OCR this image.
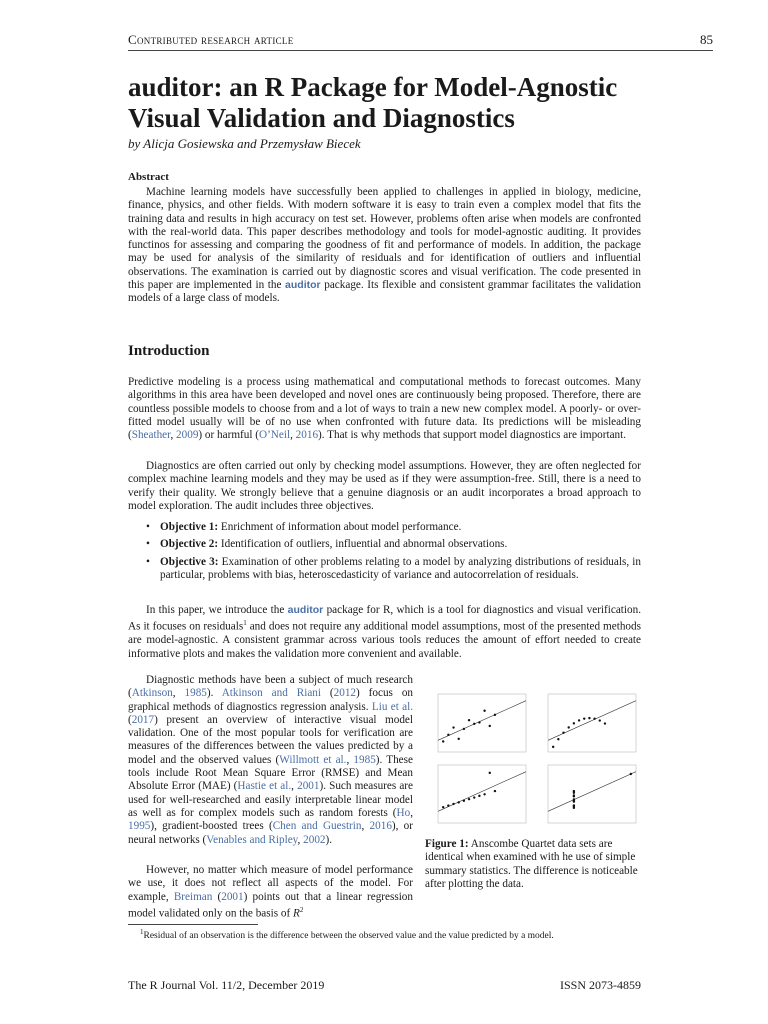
Contributed research article	85
auditor: an R Package for Model-Agnostic Visual Validation and Diagnostics
by Alicja Gosiewska and Przemysław Biecek
Abstract
Machine learning models have successfully been applied to challenges in applied in biology, medicine, finance, physics, and other fields. With modern software it is easy to train even a complex model that fits the training data and results in high accuracy on test set. However, problems often arise when models are confronted with the real-world data. This paper describes methodology and tools for model-agnostic auditing. It provides functinos for assessing and comparing the goodness of fit and performance of models. In addition, the package may be used for analysis of the similarity of residuals and for identification of outliers and influential observations. The examination is carried out by diagnostic scores and visual verification. The code presented in this paper are implemented in the auditor package. Its flexible and consistent grammar facilitates the validation models of a large class of models.
Introduction
Predictive modeling is a process using mathematical and computational methods to forecast outcomes. Many algorithms in this area have been developed and novel ones are continuously being proposed. Therefore, there are countless possible models to choose from and a lot of ways to train a new new complex model. A poorly- or over-fitted model usually will be of no use when confronted with future data. Its predictions will be misleading (Sheather, 2009) or harmful (O’Neil, 2016). That is why methods that support model diagnostics are important.
Diagnostics are often carried out only by checking model assumptions. However, they are often neglected for complex machine learning models and they may be used as if they were assumption-free. Still, there is a need to verify their quality. We strongly believe that a genuine diagnosis or an audit incorporates a broad approach to model exploration. The audit includes three objectives.
• Objective 1: Enrichment of information about model performance.
• Objective 2: Identification of outliers, influential and abnormal observations.
• Objective 3: Examination of other problems relating to a model by analyzing distributions of residuals, in particular, problems with bias, heteroscedasticity of variance and autocorrelation of residuals.
In this paper, we introduce the auditor package for R, which is a tool for diagnostics and visual verification. As it focuses on residuals$^1$ and does not require any additional model assumptions, most of the presented methods are model-agnostic. A consistent grammar across various tools reduces the amount of effort needed to create informative plots and makes the validation more convenient and available.
Diagnostic methods have been a subject of much research (Atkinson, 1985). Atkinson and Riani (2012) focus on graphical methods of diagnostics regression analysis. Liu et al. (2017) present an overview of interactive visual model validation. One of the most popular tools for verification are measures of the differences between the values predicted by a model and the observed values (Willmott et al., 1985). These tools include Root Mean Square Error (RMSE) and Mean Absolute Error (MAE) (Hastie et al., 2001). Such measures are used for well-researched and easily interpretable linear model as well as for complex models such as random forests (Ho, 1995), gradient-boosted trees (Chen and Guestrin, 2016), or neural networks (Venables and Ripley, 2002).
However, no matter which measure of model performance we use, it does not reflect all aspects of the model. For example, Breiman (2001) points out that a linear regression model validated only on the basis of $R^2$
Figure 1: Anscombe Quartet data sets are identical when examined with he use of simple summary statistics. The difference is noticeable after plotting the data.
$^1$Residual of an observation is the difference between the observed value and the value predicted by a model.
The R Journal Vol. 11/2, December 2019	ISSN 2073-4859
